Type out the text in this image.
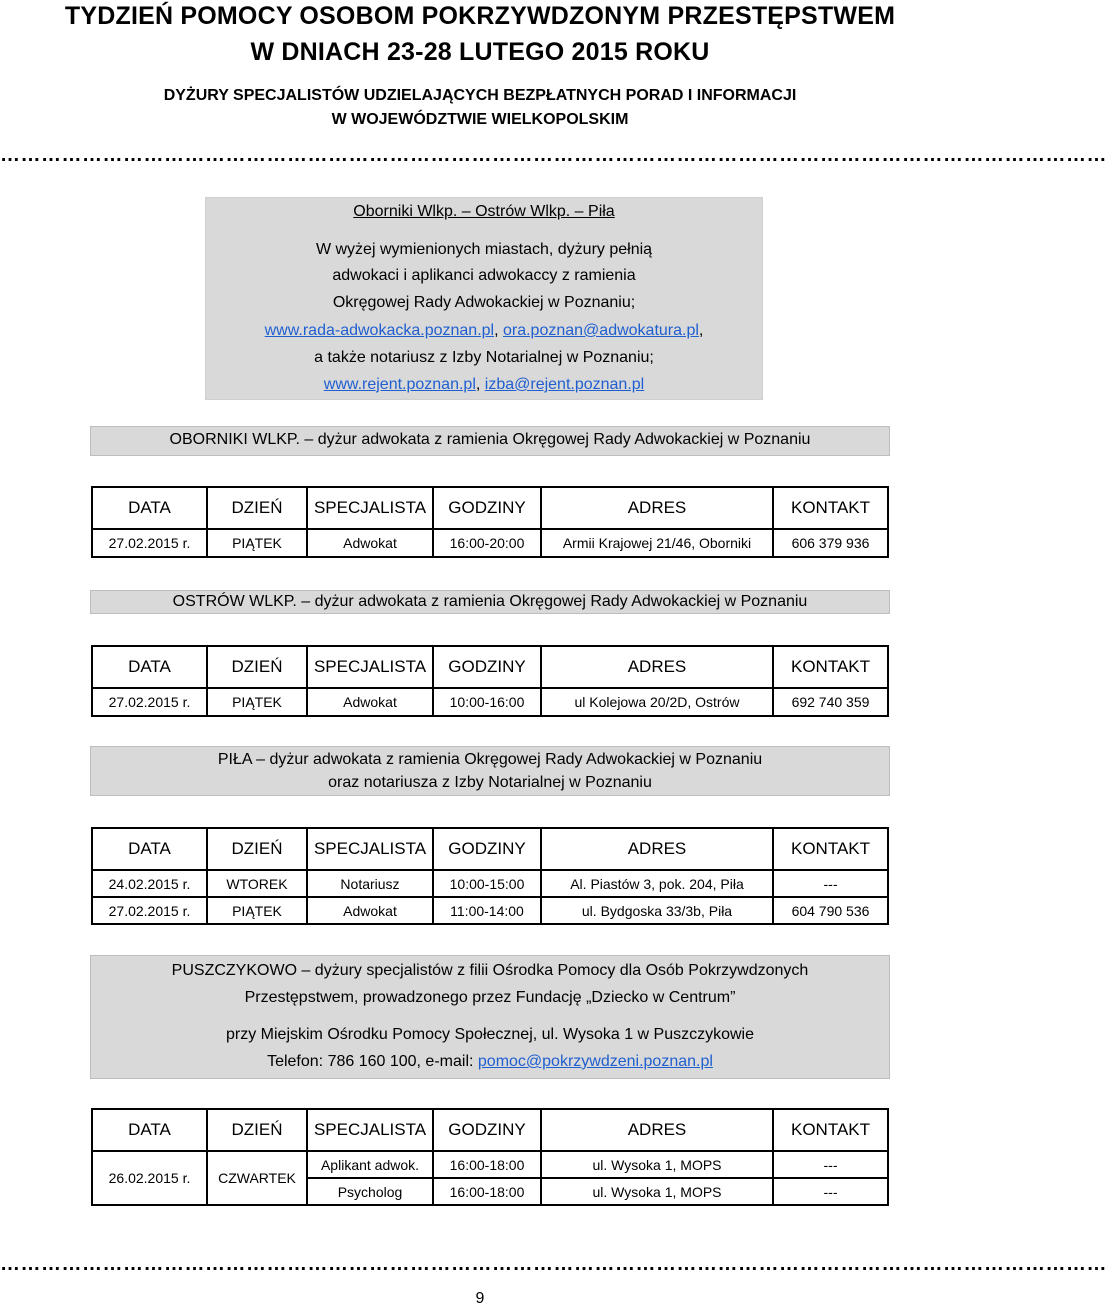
TYDZIEŃ POMOCY OSOBOM POKRZYWDZONYM PRZESTĘPSTWEM
W DNIACH 23-28 LUTEGO 2015 ROKU
DYŻURY SPECJALISTÓW UDZIELAJĄCYCH BEZPŁATNYCH PORAD I INFORMACJI
W WOJEWÓDZTWIE WIELKOPOLSKIM
………………………………………………………………………………………………………………………………………………
Oborniki Wlkp. – Ostrów Wlkp. – Piła
W wyżej wymienionych miastach, dyżury pełnią
adwokaci i aplikanci adwokaccy z ramienia
Okręgowej Rady Adwokackiej w Poznaniu;
www.rada-adwokacka.poznan.pl, ora.poznan@adwokatura.pl,
a także notariusz z Izby Notarialnej w Poznaniu;
www.rejent.poznan.pl, izba@rejent.poznan.pl
OBORNIKI WLKP. – dyżur adwokata z ramienia Okręgowej Rady Adwokackiej w Poznaniu
DATA	DZIEŃ	SPECJALISTA	GODZINY	ADRES	KONTAKT
27.02.2015 r.	PIĄTEK	Adwokat	16:00-20:00	Armii Krajowej 21/46, Oborniki	606 379 936
OSTRÓW WLKP. – dyżur adwokata z ramienia Okręgowej Rady Adwokackiej w Poznaniu
DATA	DZIEŃ	SPECJALISTA	GODZINY	ADRES	KONTAKT
27.02.2015 r.	PIĄTEK	Adwokat	10:00-16:00	ul Kolejowa 20/2D, Ostrów	692 740 359
PIŁA – dyżur adwokata z ramienia Okręgowej Rady Adwokackiej w Poznaniu
oraz notariusza z Izby Notarialnej w Poznaniu
DATA	DZIEŃ	SPECJALISTA	GODZINY	ADRES	KONTAKT
24.02.2015 r.	WTOREK	Notariusz	10:00-15:00	Al. Piastów 3, pok. 204, Piła	---
27.02.2015 r.	PIĄTEK	Adwokat	11:00-14:00	ul. Bydgoska 33/3b, Piła	604 790 536
PUSZCZYKOWO – dyżury specjalistów z filii Ośrodka Pomocy dla Osób Pokrzywdzonych
Przestępstwem, prowadzonego przez Fundację „Dziecko w Centrum”
przy Miejskim Ośrodku Pomocy Społecznej, ul. Wysoka 1 w Puszczykowie
Telefon: 786 160 100, e-mail: pomoc@pokrzywdzeni.poznan.pl
DATA	DZIEŃ	SPECJALISTA	GODZINY	ADRES	KONTAKT
26.02.2015 r.	CZWARTEK	Aplikant adwok.	16:00-18:00	ul. Wysoka 1, MOPS	---
		Psycholog	16:00-18:00	ul. Wysoka 1, MOPS	---
………………………………………………………………………………………………………………………………………………
9
